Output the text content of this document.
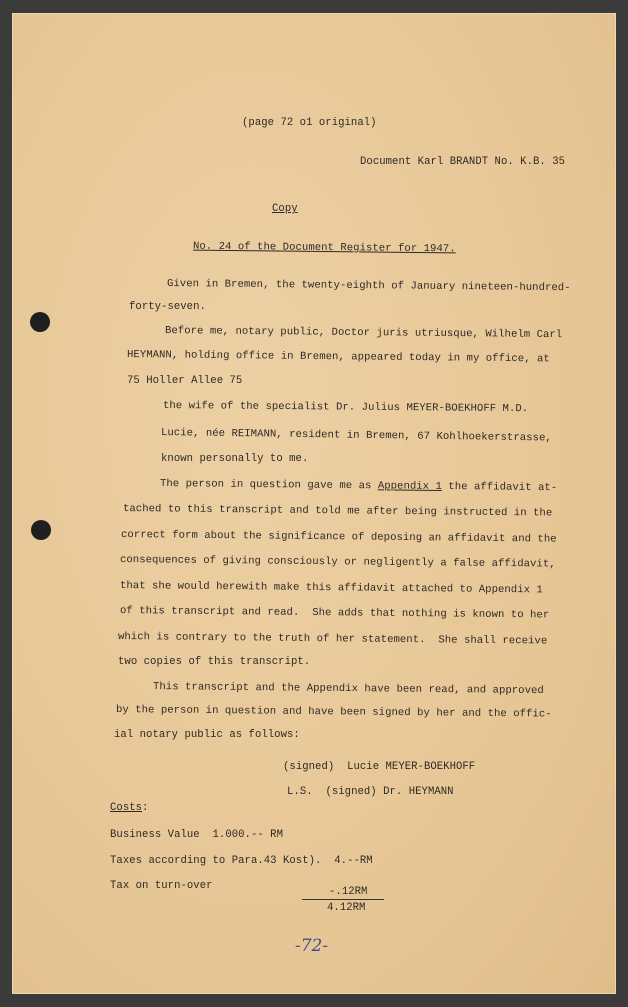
(page 72 o1 original)
Document Karl BRANDT No. K.B. 35
Copy
No. 24 of the Document Register for 1947.
Given in Bremen, the twenty-eighth of January nineteen-hundred-
forty-seven.
Before me, notary public, Doctor juris utriusque, Wilhelm Carl
HEYMANN, holding office in Bremen, appeared today in my office, at
75 Holler Allee 75
the wife of the specialist Dr. Julius MEYER-BOEKHOFF M.D.
Lucie, née REIMANN, resident in Bremen, 67 Kohlhoekerstrasse,
known personally to me.
The person in question gave me as Appendix 1 the affidavit at-
tached to this transcript and told me after being instructed in the
correct form about the significance of deposing an affidavit and the
consequences of giving consciously or negligently a false affidavit,
that she would herewith make this affidavit attached to Appendix 1
of this transcript and read.  She adds that nothing is known to her
which is contrary to the truth of her statement.  She shall receive
two copies of this transcript.
This transcript and the Appendix have been read, and approved
by the person in question and have been signed by her and the offic-
ial notary public as follows:
(signed)  Lucie MEYER-BOEKHOFF
L.S.  (signed) Dr. HEYMANN
Costs:
Business Value  1.000.-- RM
Taxes according to Para.43 Kost).  4.--RM
Tax on turn-over	-.12RM
4.12RM
-72-
